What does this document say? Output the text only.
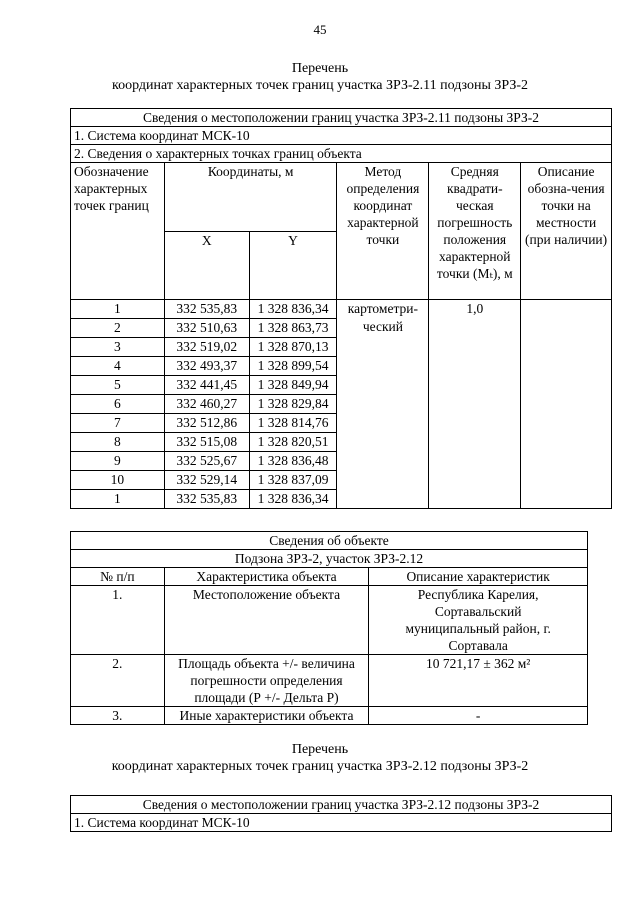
45
Перечень
координат характерных точек границ участка ЗРЗ-2.11 подзоны ЗРЗ-2
Сведения о местоположении границ участка ЗРЗ-2.11 подзоны ЗРЗ-2					
1. Система координат МСК-10					
2. Сведения о характерных точках границ объекта					
Обозначение характерных точек границ	Координаты, м		Метод определения координат характерной точки	Средняя квадрати-ческая погрешность положения характерной точки (Мₜ), м	Описание обозна-чения точки на местности (при наличии)
	X	Y			
1	332 535,83	1 328 836,34	картометри-ческий	1,0	
2	332 510,63	1 328 863,73			
3	332 519,02	1 328 870,13			
4	332 493,37	1 328 899,54			
5	332 441,45	1 328 849,94			
6	332 460,27	1 328 829,84			
7	332 512,86	1 328 814,76			
8	332 515,08	1 328 820,51			
9	332 525,67	1 328 836,48			
10	332 529,14	1 328 837,09			
1	332 535,83	1 328 836,34			
Сведения об объекте		
Подзона ЗРЗ-2, участок ЗРЗ-2.12		
№ п/п	Характеристика объекта	Описание характеристик
1.	Местоположение объекта	Республика Карелия, Сортавальский муниципальный район, г. Сортавала
2.	Площадь объекта +/- величина погрешности определения площади (Р +/- Дельта Р)	10 721,17 ± 362 м²
3.	Иные характеристики объекта	-
Перечень
координат характерных точек границ участка ЗРЗ-2.12 подзоны ЗРЗ-2
Сведения о местоположении границ участка ЗРЗ-2.12 подзоны ЗРЗ-2
1. Система координат МСК-10
